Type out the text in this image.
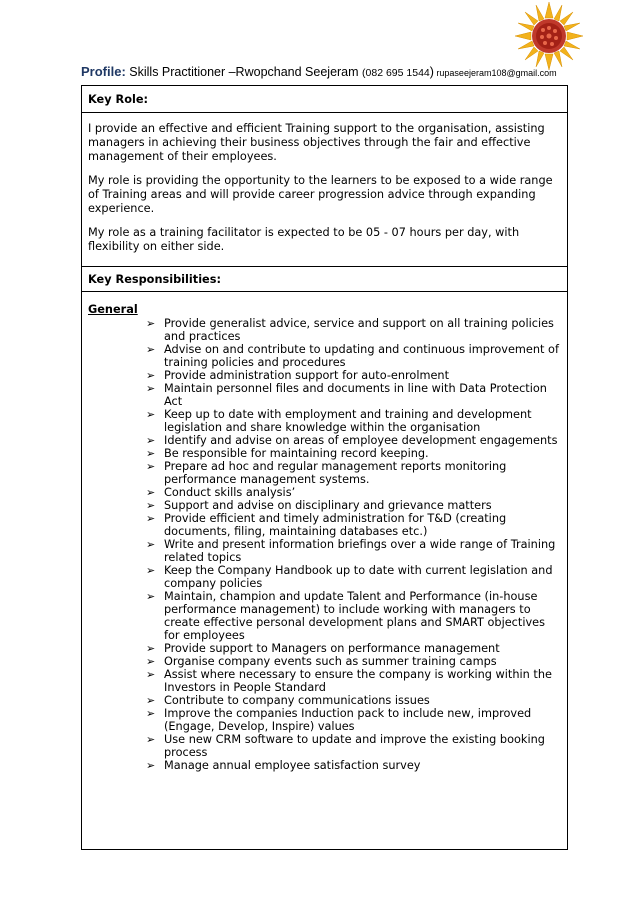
Profile: Skills Practitioner –Rwopchand Seejeram (082 695 1544) rupaseejeram108@gmail.com
Key Role:
I provide an effective and efficient Training support to the organisation, assisting managers in achieving their business objectives through the fair and effective management of their employees.
My role is providing the opportunity to the learners to be exposed to a wide range of Training areas and will provide career progression advice through expanding experience.
My role as a training facilitator is expected to be 05 - 07 hours per day, with flexibility on either side.
Key Responsibilities:
General
➢ Provide generalist advice, service and support on all training policies and practices
➢ Advise on and contribute to updating and continuous improvement of training policies and procedures
➢ Provide administration support for auto-enrolment
➢ Maintain personnel files and documents in line with Data Protection Act
➢ Keep up to date with employment and training and development legislation and share knowledge within the organisation
➢ Identify and advise on areas of employee development engagements
➢ Be responsible for maintaining record keeping.
➢ Prepare ad hoc and regular management reports monitoring performance management systems.
➢ Conduct skills analysis’
➢ Support and advise on disciplinary and grievance matters
➢ Provide efficient and timely administration for T&D (creating documents, filing, maintaining databases etc.)
➢ Write and present information briefings over a wide range of Training related topics
➢ Keep the Company Handbook up to date with current legislation and company policies
➢ Maintain, champion and update Talent and Performance (in-house performance management) to include working with managers to create effective personal development plans and SMART objectives for employees
➢ Provide support to Managers on performance management
➢ Organise company events such as summer training camps
➢ Assist where necessary to ensure the company is working within the Investors in People Standard
➢ Contribute to company communications issues
➢ Improve the companies Induction pack to include new, improved (Engage, Develop, Inspire) values
➢ Use new CRM software to update and improve the existing booking process
➢ Manage annual employee satisfaction survey
